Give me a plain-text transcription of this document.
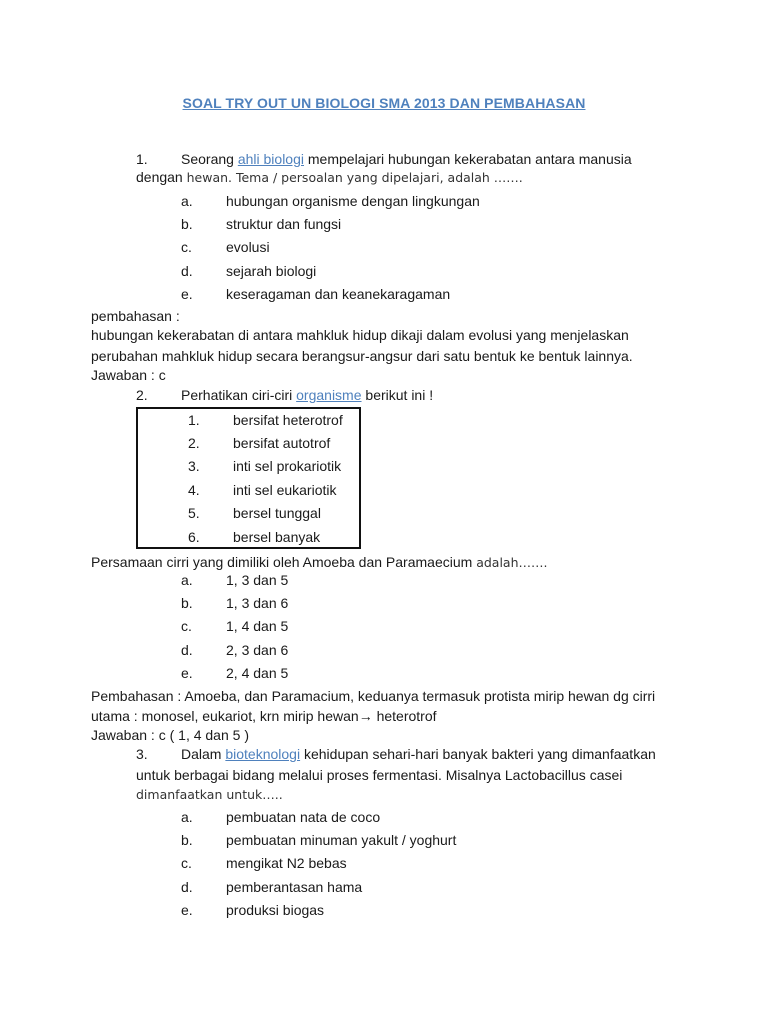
SOAL TRY OUT UN BIOLOGI SMA 2013 DAN PEMBAHASAN
1. Seorang ahli biologi mempelajari hubungan kekerabatan antara manusia
dengan hewan. Tema / persoalan yang dipelajari, adalah …….
a. hubungan organisme dengan lingkungan
b. struktur dan fungsi
c. evolusi
d. sejarah biologi
e. keseragaman dan keanekaragaman
pembahasan :
hubungan kekerabatan di antara mahkluk hidup dikaji dalam evolusi yang menjelaskan
perubahan mahkluk hidup secara berangsur-angsur dari satu bentuk ke bentuk lainnya.
Jawaban : c
2. Perhatikan ciri-ciri organisme berikut ini !
1. bersifat heterotrof
2. bersifat autotrof
3. inti sel prokariotik
4. inti sel eukariotik
5. bersel tunggal
6. bersel banyak
Persamaan cirri yang dimiliki oleh Amoeba dan Paramaecium adalah…….
a. 1, 3 dan 5
b. 1, 3 dan 6
c. 1, 4 dan 5
d. 2, 3 dan 6
e. 2, 4 dan 5
Pembahasan : Amoeba, dan Paramacium, keduanya termasuk protista mirip hewan dg cirri
utama : monosel, eukariot, krn mirip hewan→ heterotrof
Jawaban : c ( 1, 4 dan 5 )
3. Dalam bioteknologi kehidupan sehari-hari banyak bakteri yang dimanfaatkan
untuk berbagai bidang melalui proses fermentasi. Misalnya Lactobacillus casei
dimanfaatkan untuk…..
a. pembuatan nata de coco
b. pembuatan minuman yakult / yoghurt
c. mengikat N2 bebas
d. pemberantasan hama
e. produksi biogas
